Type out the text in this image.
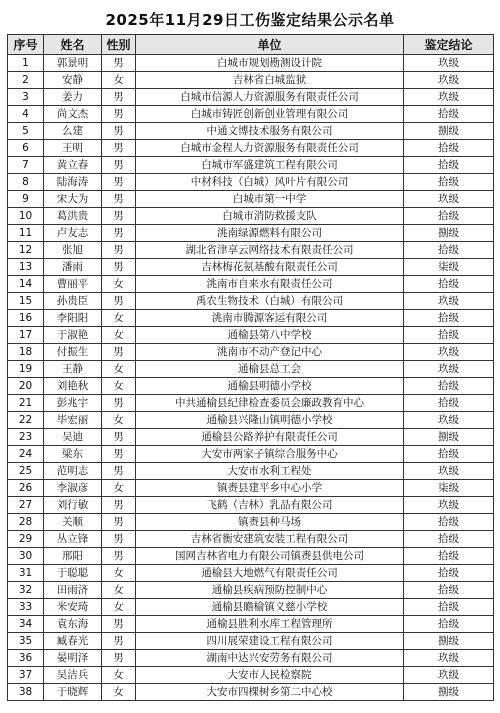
2025年11月29日工伤鉴定结果公示名单
序号	姓名	性别	单位	鉴定结论
1	郭景明	男	白城市规划勘测设计院	玖级
2	安静	女	吉林省白城监狱	玖级
3	姜力	男	白城市信源人力资源服务有限责任公司	玖级
4	尚文杰	男	白城市铸匠创新创业管理有限公司	拾级
5	么建	男	中通文博技术服务有限公司	捌级
6	王明	男	白城市金程人力资源服务有限责任公司	拾级
7	黄立春	男	白城市军盛建筑工程有限公司	拾级
8	陆海涛	男	中材科技（白城）风叶片有限公司	拾级
9	宋大为	男	白城市第一中学	玖级
10	葛洪贵	男	白城市消防救援支队	拾级
11	卢友志	男	洮南绿源燃料有限公司	捌级
12	张旭	男	湖北省津享云网络技术有限责任公司	拾级
13	潘雨	男	吉林梅花氨基酸有限责任公司	柒级
14	曹丽平	女	洮南市自来水有限责任公司	拾级
15	孙贵臣	男	禹农生物技术（白城）有限公司	玖级
16	李阳阳	女	洮南市腾源客运有限公司	拾级
17	于淑艳	女	通榆县第八中学校	拾级
18	付振生	男	洮南市不动产登记中心	玖级
19	王静	女	通榆县总工会	玖级
20	刘艳秋	女	通榆县明德小学校	拾级
21	彭兆宇	男	中共通榆县纪律检查委员会廉政教育中心	拾级
22	毕宏丽	女	通榆县兴隆山镇明德小学校	玖级
23	吴迪	男	通榆县公路养护有限责任公司	捌级
24	梁东	男	大安市两家子镇综合服务中心	拾级
25	范明志	男	大安市水利工程处	玖级
26	李淑彦	女	镇赉县建平乡中心小学	柒级
27	刘行敏	男	飞鹤（吉林）乳品有限公司	玖级
28	关顺	男	镇赉县种马场	拾级
29	丛立锋	男	吉林省衡安建筑安装工程有限公司	拾级
30	邢阳	男	国网吉林省电力有限公司镇赉县供电公司	拾级
31	于聪聪	女	通榆县大地燃气有限责任公司	拾级
32	田雨济	女	通榆县疾病预防控制中心	拾级
33	米安琦	女	通榆县瞻榆镇义慈小学校	拾级
34	袁东海	男	通榆县胜利水库工程管理所	拾级
35	臧春光	男	四川展荣建设工程有限公司	捌级
36	晏明泽	男	湖南中达兴安劳务有限公司	玖级
37	吴洁兵	女	大安市人民检察院	玖级
38	于晓辉	女	大安市四棵树乡第二中心校	捌级
